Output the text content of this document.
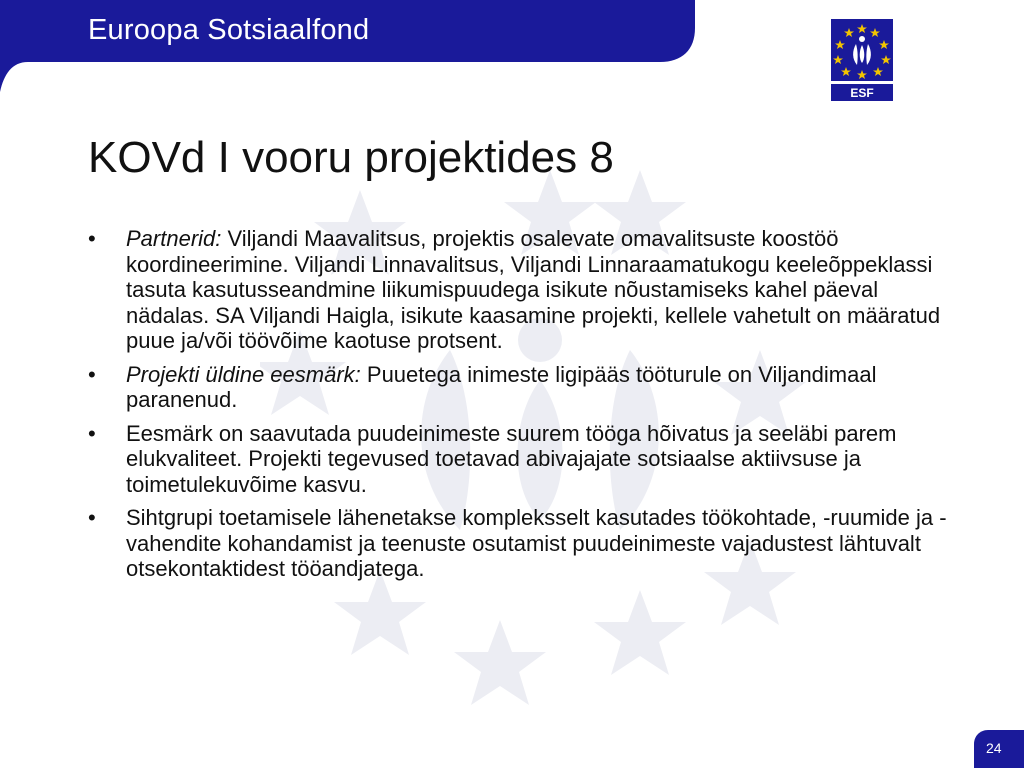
Euroopa Sotsiaalfond
ESF
KOVd I vooru projektides 8
•	Partnerid: Viljandi Maavalitsus, projektis osalevate omavalitsuste koostöö koordineerimine. Viljandi Linnavalitsus, Viljandi Linnaraamatukogu keeleõppeklassi tasuta kasutusseandmine liikumispuudega isikute nõustamiseks kahel päeval nädalas. SA Viljandi Haigla, isikute kaasamine projekti, kellele vahetult on määratud puue ja/või töövõime kaotuse protsent.
•	Projekti üldine eesmärk: Puuetega inimeste ligipääs tööturule on Viljandimaal paranenud.
•	Eesmärk on saavutada puudeinimeste suurem tööga hõivatus ja seeläbi parem elukvaliteet. Projekti tegevused toetavad abivajajate sotsiaalse aktiivsuse ja toimetulekuvõime kasvu.
•	Sihtgrupi toetamisele lähenetakse kompleksselt kasutades töökohtade, -ruumide ja -vahendite kohandamist ja teenuste osutamist puudeinimeste vajadustest lähtuvalt otsekontaktidest tööandjatega.
24
